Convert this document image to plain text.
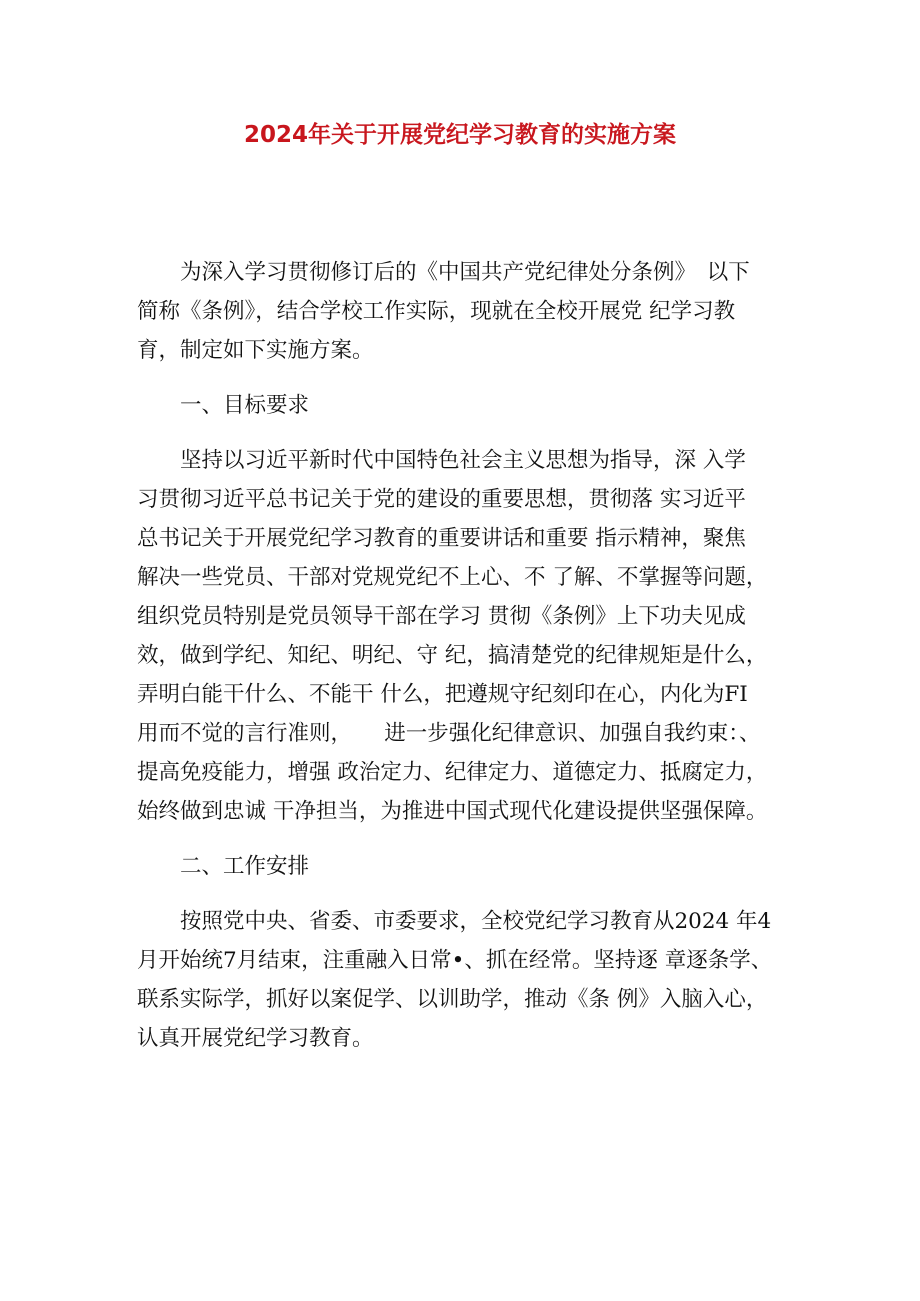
2024年关于开展党纪学习教育的实施方案

为深入学习贯彻修订后的《中国共产党纪律处分条例》　以下
简称《条例》，结合学校工作实际，现就在全校开展党 纪学习教
育，制定如下实施方案。

一、目标要求

坚持以习近平新时代中国特色社会主义思想为指导，深 入学
习贯彻习近平总书记关于党的建设的重要思想，贯彻落 实习近平
总书记关于开展党纪学习教育的重要讲话和重要 指示精神，聚焦
解决一些党员、干部对党规党纪不上心、不 了解、不掌握等问题，
组织党员特别是党员领导干部在学习 贯彻《条例》上下功夫见成
效，做到学纪、知纪、明纪、守 纪，搞清楚党的纪律规矩是什么，
弄明白能干什么、不能干 什么，把遵规守纪刻印在心，内化为FI
用而不觉的言行准则，　　进一步强化纪律意识、加强自我约束：、
提高免疫能力，增强 政治定力、纪律定力、道德定力、抵腐定力，
始终做到忠诚 干净担当，为推进中国式现代化建设提供坚强保障。

二、工作安排

按照党中央、省委、市委要求，全校党纪学习教育从2024 年4
月开始统7月结束，注重融入日常•、抓在经常。坚持逐 章逐条学、
联系实际学，抓好以案促学、以训助学，推动《条 例》入脑入心，
认真开展党纪学习教育。
